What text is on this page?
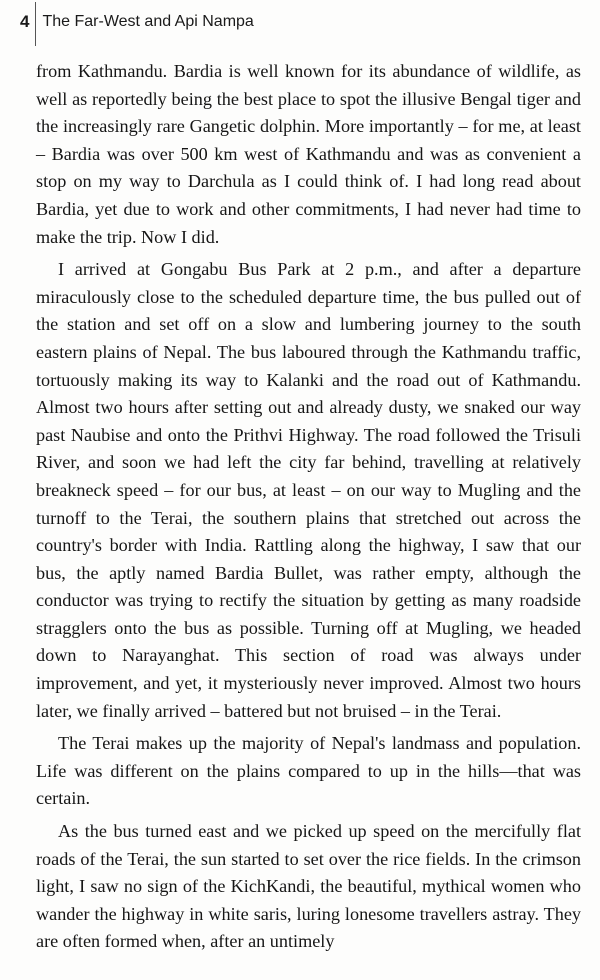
4 The Far-West and Api Nampa

from Kathmandu. Bardia is well known for its abundance of wildlife, as well as reportedly being the best place to spot the illusive Bengal tiger and the increasingly rare Gangetic dolphin. More importantly – for me, at least – Bardia was over 500 km west of Kathmandu and was as convenient a stop on my way to Darchula as I could think of. I had long read about Bardia, yet due to work and other commitments, I had never had time to make the trip. Now I did.

I arrived at Gongabu Bus Park at 2 p.m., and after a departure miraculously close to the scheduled departure time, the bus pulled out of the station and set off on a slow and lumbering journey to the south eastern plains of Nepal. The bus laboured through the Kathmandu traffic, tortuously making its way to Kalanki and the road out of Kathmandu. Almost two hours after setting out and already dusty, we snaked our way past Naubise and onto the Prithvi Highway. The road followed the Trisuli River, and soon we had left the city far behind, travelling at relatively breakneck speed – for our bus, at least – on our way to Mugling and the turnoff to the Terai, the southern plains that stretched out across the country's border with India. Rattling along the highway, I saw that our bus, the aptly named Bardia Bullet, was rather empty, although the conductor was trying to rectify the situation by getting as many roadside stragglers onto the bus as possible. Turning off at Mugling, we headed down to Narayanghat. This section of road was always under improvement, and yet, it mysteriously never improved. Almost two hours later, we finally arrived – battered but not bruised – in the Terai.

The Terai makes up the majority of Nepal's landmass and population. Life was different on the plains compared to up in the hills—that was certain.

As the bus turned east and we picked up speed on the mercifully flat roads of the Terai, the sun started to set over the rice fields. In the crimson light, I saw no sign of the KichKandi, the beautiful, mythical women who wander the highway in white saris, luring lonesome travellers astray. They are often formed when, after an untimely
